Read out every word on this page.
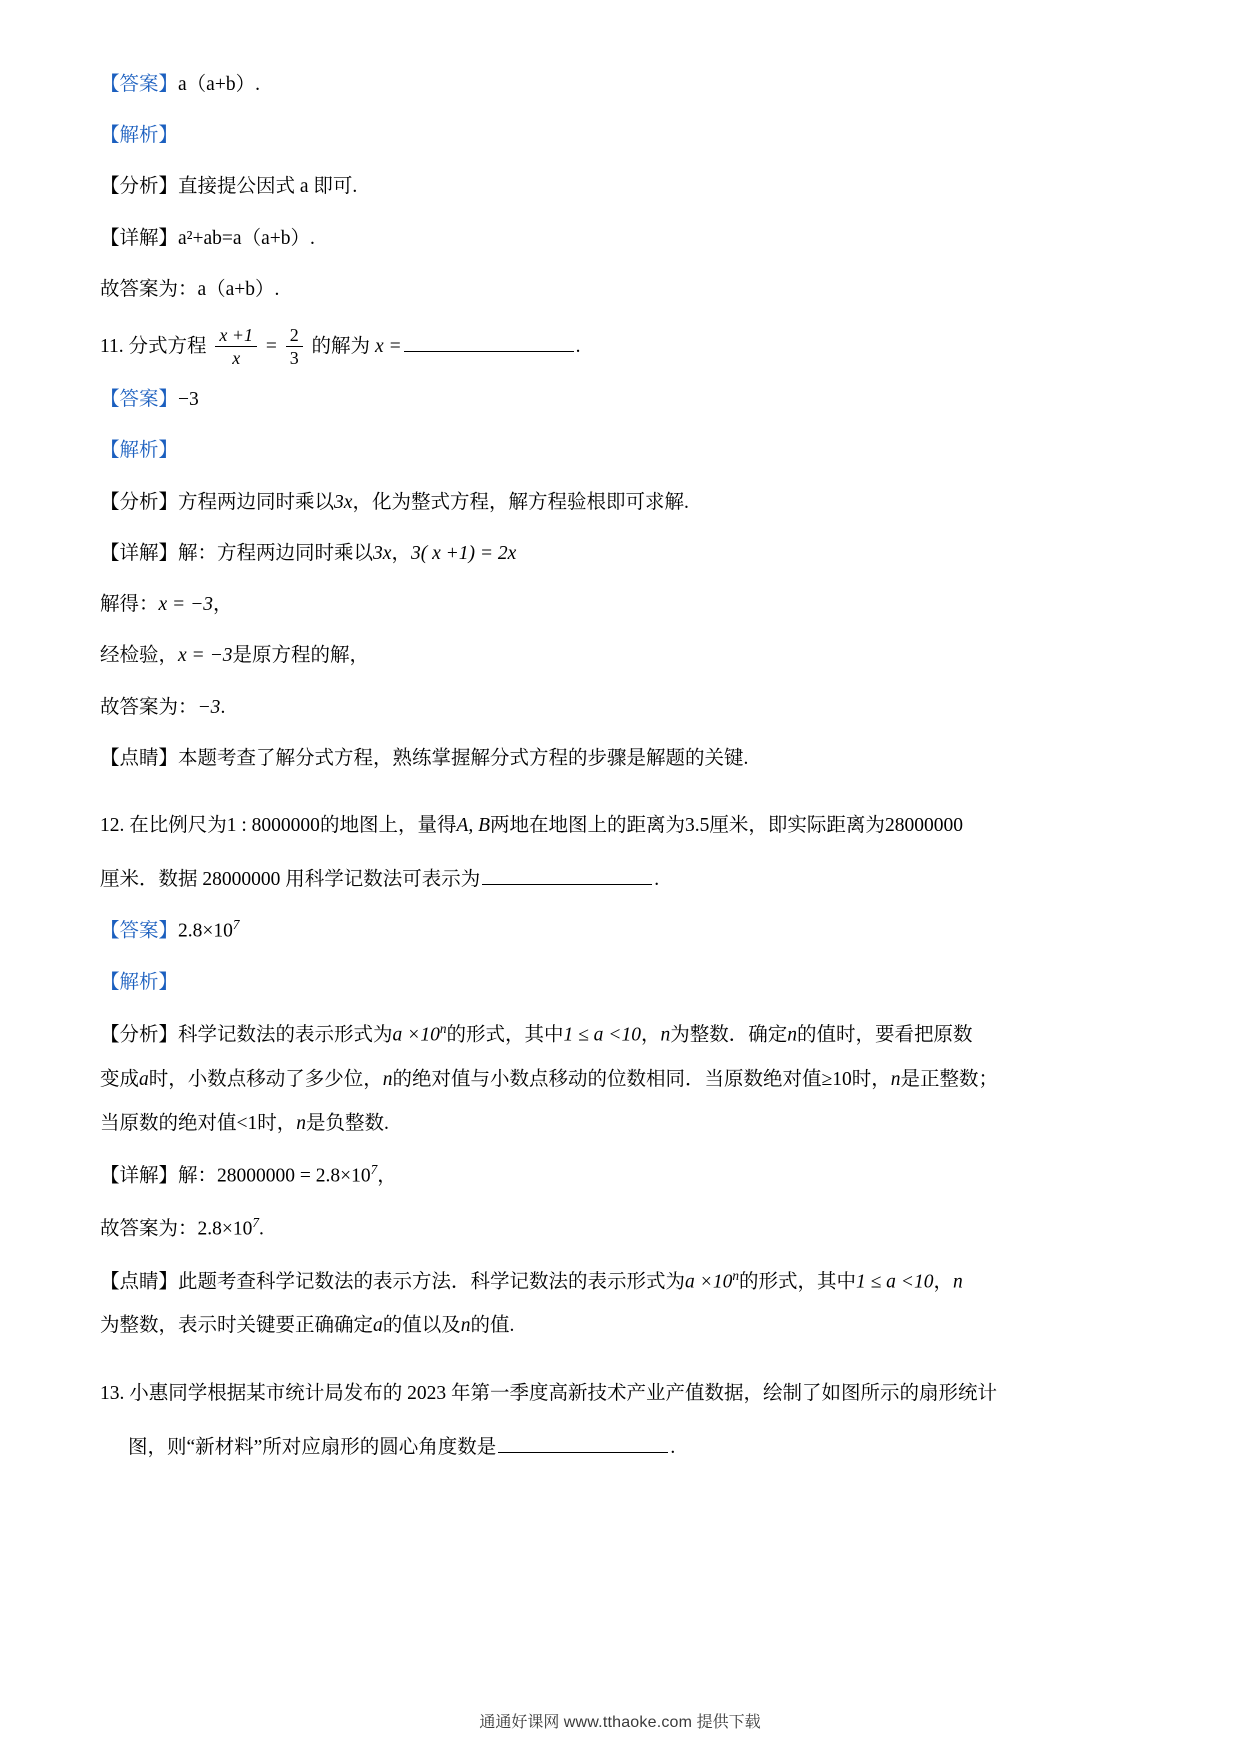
【答案】a（a+b）.
【解析】
【分析】直接提公因式 a 即可.
【详解】a²+ab=a（a+b）.
故答案为：a（a+b）.
11. 分式方程 $\frac{x +1}{x} = \frac{2}{3}$ 的解为 x =	.
【答案】−3
【解析】
【分析】方程两边同时乘以3x，化为整式方程，解方程验根即可求解.
【详解】解：方程两边同时乘以3x，3( x +1) = 2x
解得：x = −3，
经检验，x = −3是原方程的解，
故答案为：−3.
【点睛】本题考查了解分式方程，熟练掌握解分式方程的步骤是解题的关键.
12. 在比例尺为1 : 8000000的地图上，量得A, B两地在地图上的距离为3.5厘米，即实际距离为28000000
厘米．数据 28000000 用科学记数法可表示为	.
【答案】$2.8\times 10^7$
【解析】
【分析】科学记数法的表示形式为$a \times 10^n$的形式，其中1 ≤ a <10，n为整数．确定n的值时，要看把原数
变成a时，小数点移动了多少位，n的绝对值与小数点移动的位数相同．当原数绝对值≥10时，n是正整数；
当原数的绝对值<1时，n是负整数.
【详解】解：$28000000 = 2.8\times 10^7$，
故答案为：$2.8\times 10^7$.
【点睛】此题考查科学记数法的表示方法．科学记数法的表示形式为$a \times 10^n$的形式，其中1 ≤ a <10，n
为整数，表示时关键要正确确定a的值以及n的值.
13. 小惠同学根据某市统计局发布的 2023 年第一季度高新技术产业产值数据，绘制了如图所示的扇形统计
图，则“新材料”所对应扇形的圆心角度数是	.
通通好课网 www.tthaoke.com 提供下载
